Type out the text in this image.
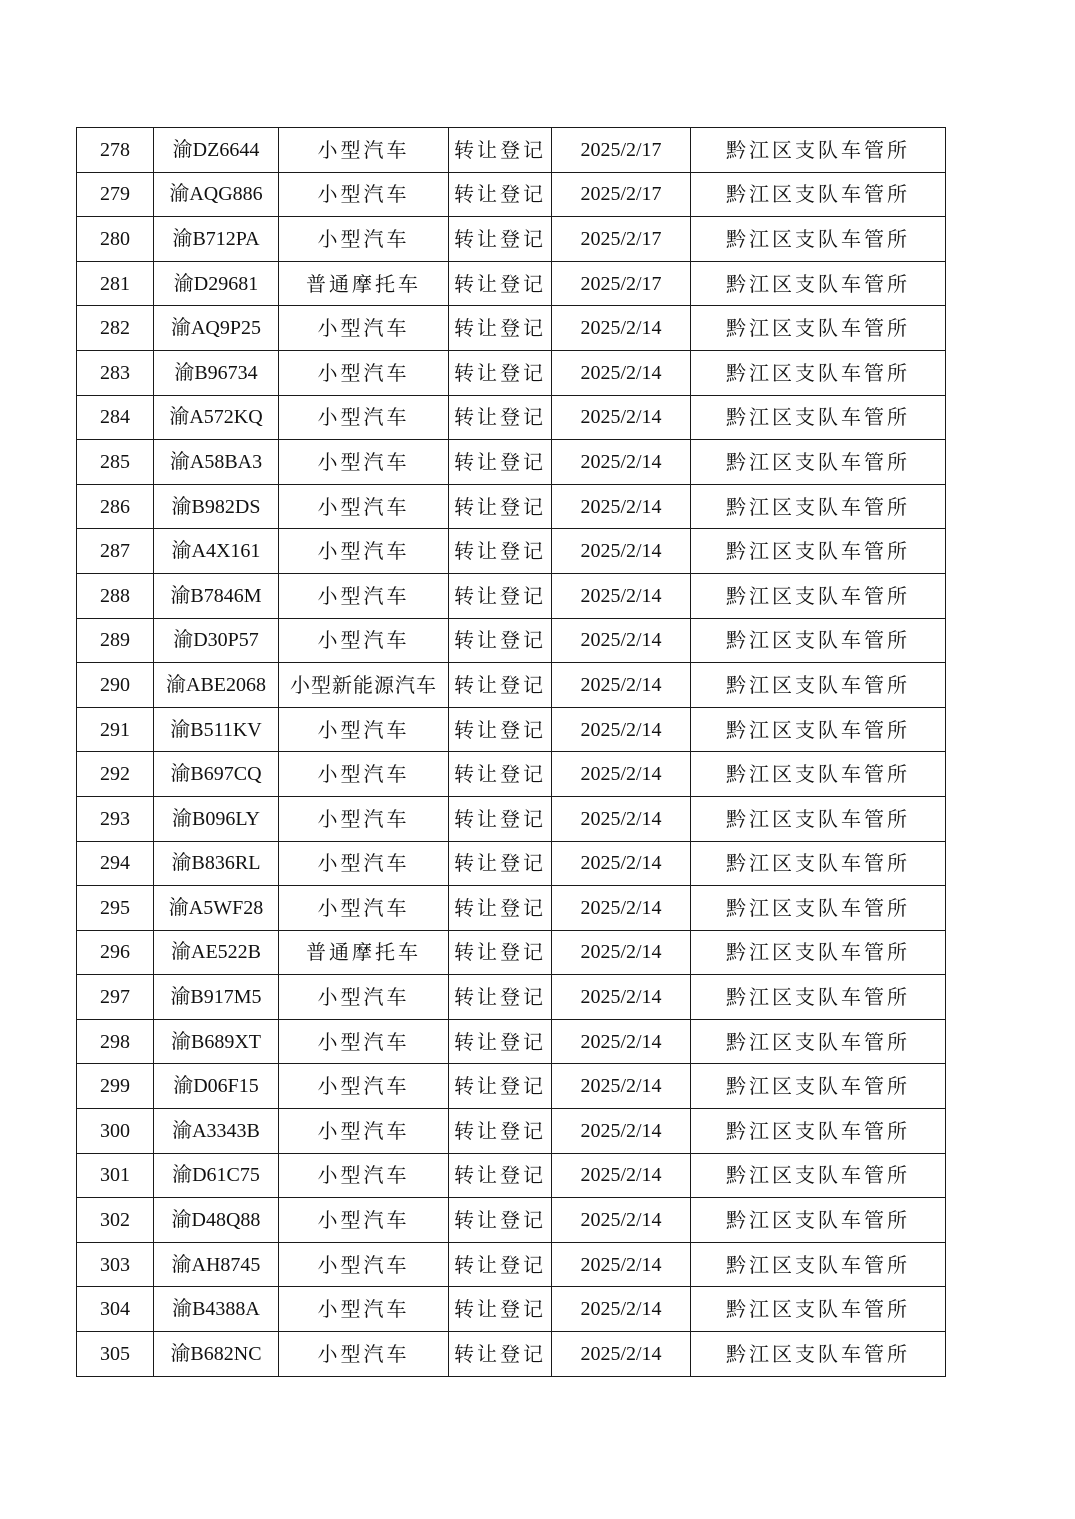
278	渝DZ6644	小型汽车	转让登记	2025/2/17	黔江区支队车管所
279	渝AQG886	小型汽车	转让登记	2025/2/17	黔江区支队车管所
280	渝B712PA	小型汽车	转让登记	2025/2/17	黔江区支队车管所
281	渝D29681	普通摩托车	转让登记	2025/2/17	黔江区支队车管所
282	渝AQ9P25	小型汽车	转让登记	2025/2/14	黔江区支队车管所
283	渝B96734	小型汽车	转让登记	2025/2/14	黔江区支队车管所
284	渝A572KQ	小型汽车	转让登记	2025/2/14	黔江区支队车管所
285	渝A58BA3	小型汽车	转让登记	2025/2/14	黔江区支队车管所
286	渝B982DS	小型汽车	转让登记	2025/2/14	黔江区支队车管所
287	渝A4X161	小型汽车	转让登记	2025/2/14	黔江区支队车管所
288	渝B7846M	小型汽车	转让登记	2025/2/14	黔江区支队车管所
289	渝D30P57	小型汽车	转让登记	2025/2/14	黔江区支队车管所
290	渝ABE2068	小型新能源汽车	转让登记	2025/2/14	黔江区支队车管所
291	渝B511KV	小型汽车	转让登记	2025/2/14	黔江区支队车管所
292	渝B697CQ	小型汽车	转让登记	2025/2/14	黔江区支队车管所
293	渝B096LY	小型汽车	转让登记	2025/2/14	黔江区支队车管所
294	渝B836RL	小型汽车	转让登记	2025/2/14	黔江区支队车管所
295	渝A5WF28	小型汽车	转让登记	2025/2/14	黔江区支队车管所
296	渝AE522B	普通摩托车	转让登记	2025/2/14	黔江区支队车管所
297	渝B917M5	小型汽车	转让登记	2025/2/14	黔江区支队车管所
298	渝B689XT	小型汽车	转让登记	2025/2/14	黔江区支队车管所
299	渝D06F15	小型汽车	转让登记	2025/2/14	黔江区支队车管所
300	渝A3343B	小型汽车	转让登记	2025/2/14	黔江区支队车管所
301	渝D61C75	小型汽车	转让登记	2025/2/14	黔江区支队车管所
302	渝D48Q88	小型汽车	转让登记	2025/2/14	黔江区支队车管所
303	渝AH8745	小型汽车	转让登记	2025/2/14	黔江区支队车管所
304	渝B4388A	小型汽车	转让登记	2025/2/14	黔江区支队车管所
305	渝B682NC	小型汽车	转让登记	2025/2/14	黔江区支队车管所
